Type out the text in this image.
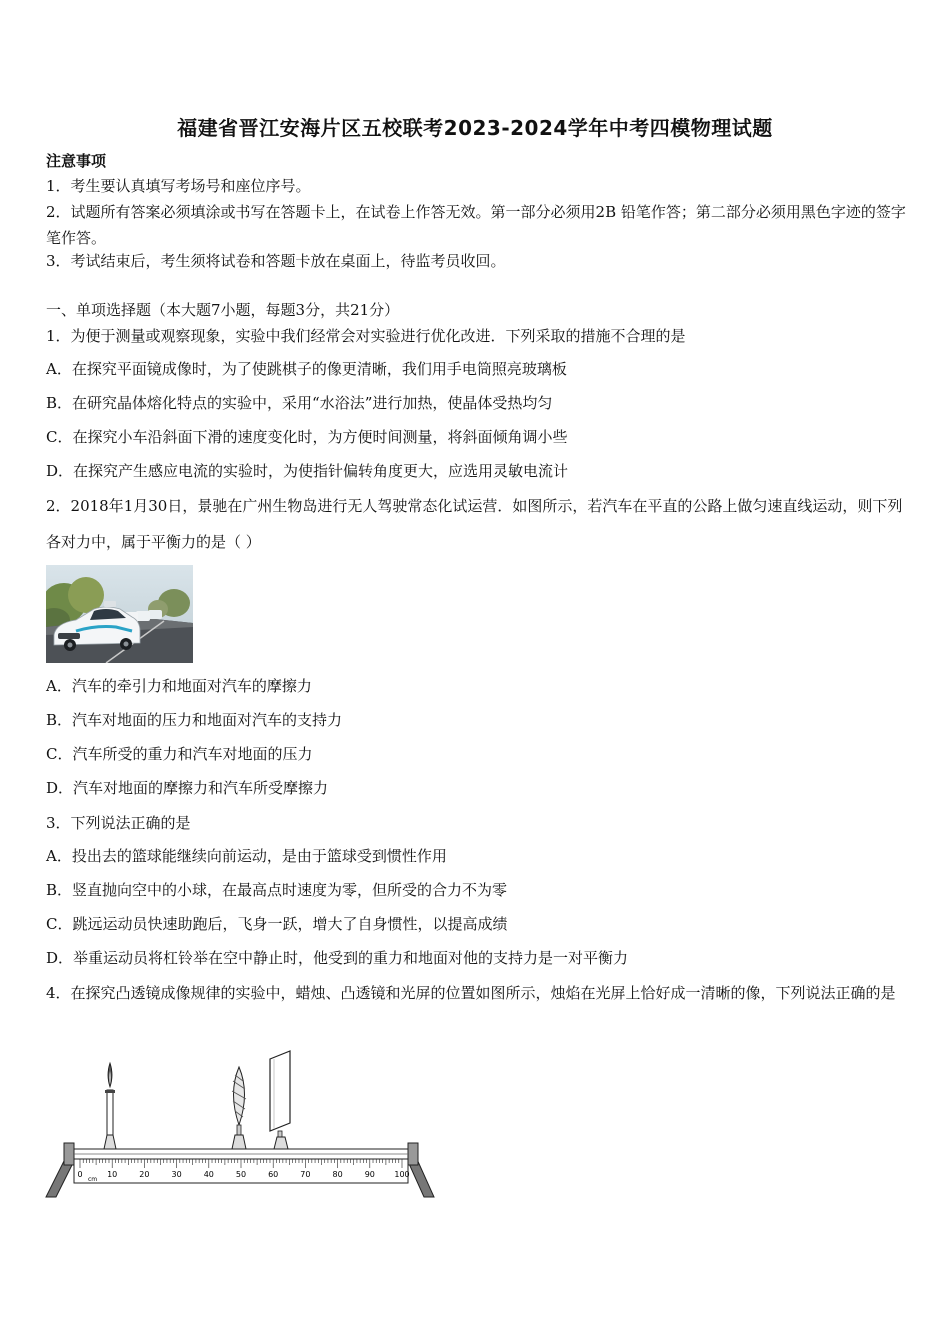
福建省晋江安海片区五校联考2023-2024学年中考四模物理试题
注意事项
1．考生要认真填写考场号和座位序号。
2．试题所有答案必须填涂或书写在答题卡上，在试卷上作答无效。第一部分必须用2B 铅笔作答；第二部分必须用黑色字迹的签字笔作答。
3．考试结束后，考生须将试卷和答题卡放在桌面上，待监考员收回。
一、单项选择题（本大题7小题，每题3分，共21分）
1．为便于测量或观察现象，实验中我们经常会对实验进行优化改进．下列采取的措施不合理的是
A．在探究平面镜成像时，为了使跳棋子的像更清晰，我们用手电筒照亮玻璃板
B．在研究晶体熔化特点的实验中，采用“水浴法”进行加热，使晶体受热均匀
C．在探究小车沿斜面下滑的速度变化时，为方便时间测量，将斜面倾角调小些
D．在探究产生感应电流的实验时，为使指针偏转角度更大，应选用灵敏电流计
2．2018年1月30日，景驰在广州生物岛进行无人驾驶常态化试运营．如图所示，若汽车在平直的公路上做匀速直线运动，则下列各对力中，属于平衡力的是（ ）
A．汽车的牵引力和地面对汽车的摩擦力
B．汽车对地面的压力和地面对汽车的支持力
C．汽车所受的重力和汽车对地面的压力
D．汽车对地面的摩擦力和汽车所受摩擦力
3．下列说法正确的是
A．投出去的篮球能继续向前运动，是由于篮球受到惯性作用
B．竖直抛向空中的小球，在最高点时速度为零，但所受的合力不为零
C．跳远运动员快速助跑后，飞身一跃，增大了自身惯性，以提高成绩
D．举重运动员将杠铃举在空中静止时，他受到的重力和地面对他的支持力是一对平衡力
4．在探究凸透镜成像规律的实验中，蜡烛、凸透镜和光屏的位置如图所示，烛焰在光屏上恰好成一清晰的像，下列说法正确的是
0	10	20	30	40	50	60	70	80	90 100
cm
